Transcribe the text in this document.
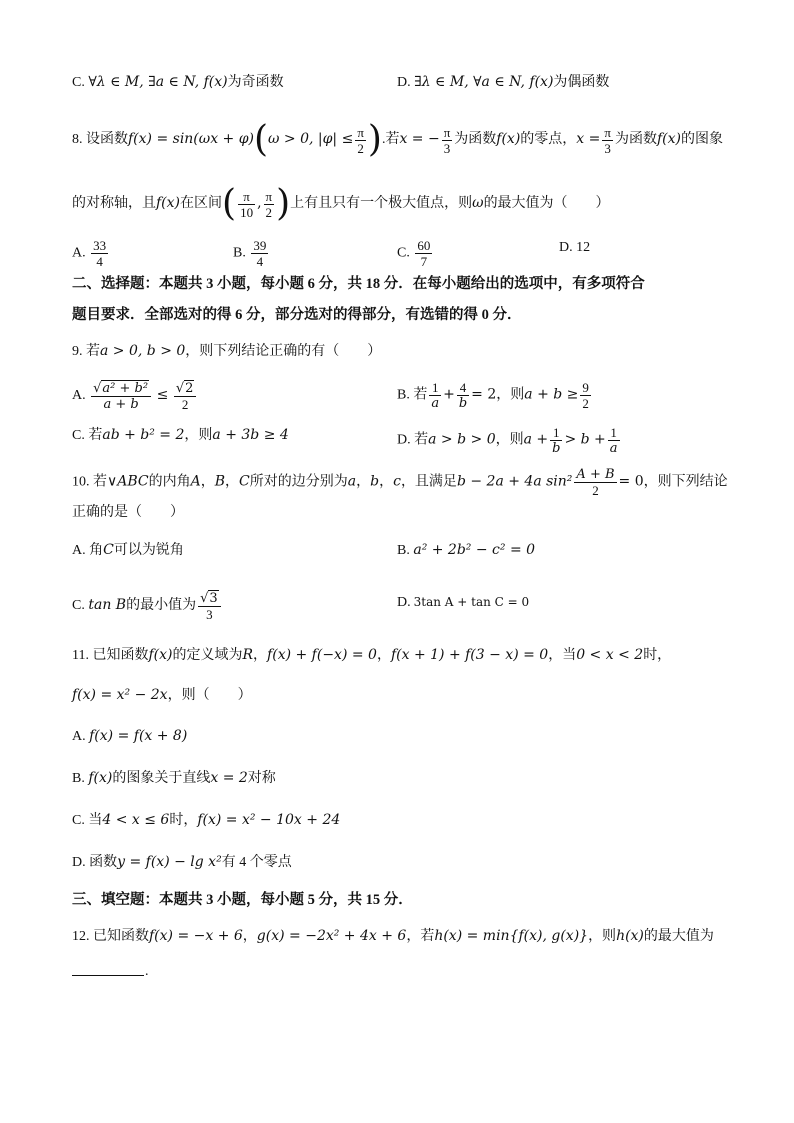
C. ∀λ ∈ M, ∃a ∈ N, f(x)为奇函数	D. ∃λ ∈ M, ∀a ∈ N, f(x)为偶函数
8. 设函数f(x) = sin(ωx + φ)(ω > 0, $|\varphi| \le \frac{\pi}{2}$ ).若x = − $\frac{\pi}{3}$ 为函数f(x)的零点，$x = \frac{\pi}{3}$ 为函数f(x)的图象
的对称轴，且f(x)在区间( $\frac{\pi}{10}$ , $\frac{\pi}{2}$ )上有且只有一个极大值点，则ω的最大值为（　　）
A. $\frac{33}{4}$	B. $\frac{39}{4}$	C. $\frac{60}{7}$	D. 12
二、选择题：本题共 3 小题，每小题 6 分，共 18 分．在每小题给出的选项中，有多项符合
题目要求．全部选对的得 6 分，部分选对的得部分，有选错的得 0 分．
9. 若a > 0, b > 0，则下列结论正确的有（　　）
A. $\frac{\text{√a² + b²}}{a + b} \le \frac{√2}{2}$	B. 若 $\frac{1}{a} + \frac{4}{b} = 2$，则$a + b \ge \frac{9}{2}$
C. 若ab + b² = 2，则a + 3b ≥ 4	D. 若a > b > 0，则$a + \frac{1}{b} > b + \frac{1}{a}$
10. 若∨ABC的内角A，B，C所对的边分别为a，b，c，且满足b − 2a + 4a $\sin^2 \frac{A + B}{2} = 0$，则下列结论
正确的是（　　）
A. 角C可以为锐角	B. a² + 2b² − c² = 0
C. tan B的最小值为 $\frac{√3}{3}$	D. 3tan A + tan C = 0
11. 已知函数f(x)的定义域为R，f(x) + f(−x) = 0，f(x + 1) + f(3 − x) = 0，当0 < x < 2时，
f(x) = x² − 2x，则（　　）
A. f(x) = f(x + 8)
B. f(x)的图象关于直线x = 2对称
C. 当4 < x ≤ 6时，f(x) = x² − 10x + 24
D. 函数y = f(x) − lg x²有 4 个零点
三、填空题：本题共 3 小题，每小题 5 分，共 15 分．
12. 已知函数f(x) = −x + 6，g(x) = −2x² + 4x + 6，若h(x) = min{f(x), g(x)}，则h(x)的最大值为
.
